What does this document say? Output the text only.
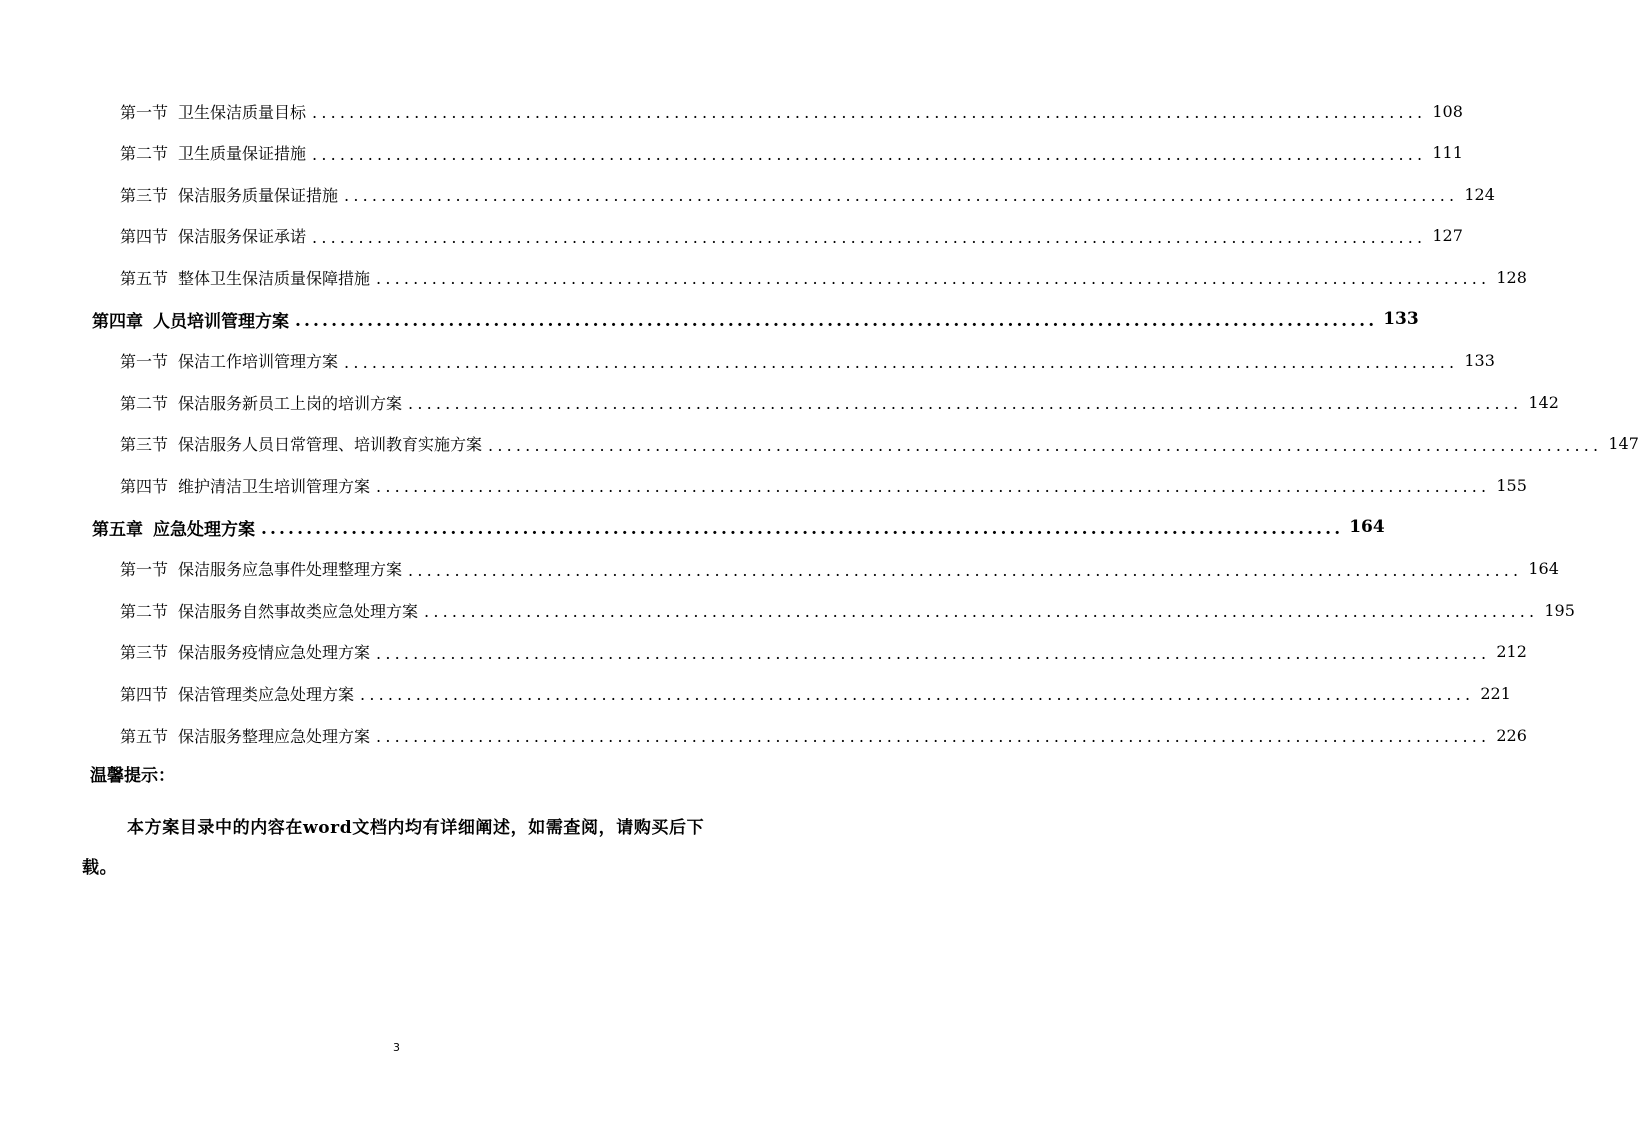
第一节 卫生保洁质量目标 ........................................................................................................................ 108
第二节 卫生质量保证措施 ........................................................................................................................ 111
第三节 保洁服务质量保证措施 ........................................................................................................................ 124
第四节 保洁服务保证承诺 ........................................................................................................................ 127
第五节 整体卫生保洁质量保障措施 ........................................................................................................................ 128
第四章 人员培训管理方案 ........................................................................................................................ 133
第一节 保洁工作培训管理方案 ........................................................................................................................ 133
第二节 保洁服务新员工上岗的培训方案 ........................................................................................................................ 142
第三节 保洁服务人员日常管理、培训教育实施方案 ........................................................................................................................ 147
第四节 维护清洁卫生培训管理方案 ........................................................................................................................ 155
第五章 应急处理方案 ........................................................................................................................ 164
第一节 保洁服务应急事件处理整理方案 ........................................................................................................................ 164
第二节 保洁服务自然事故类应急处理方案 ........................................................................................................................ 195
第三节 保洁服务疫情应急处理方案 ........................................................................................................................ 212
第四节 保洁管理类应急处理方案 ........................................................................................................................ 221
第五节 保洁服务整理应急处理方案 ........................................................................................................................ 226
温馨提示：
本方案目录中的内容在word文档内均有详细阐述，如需查阅，请购买后下载。
3
